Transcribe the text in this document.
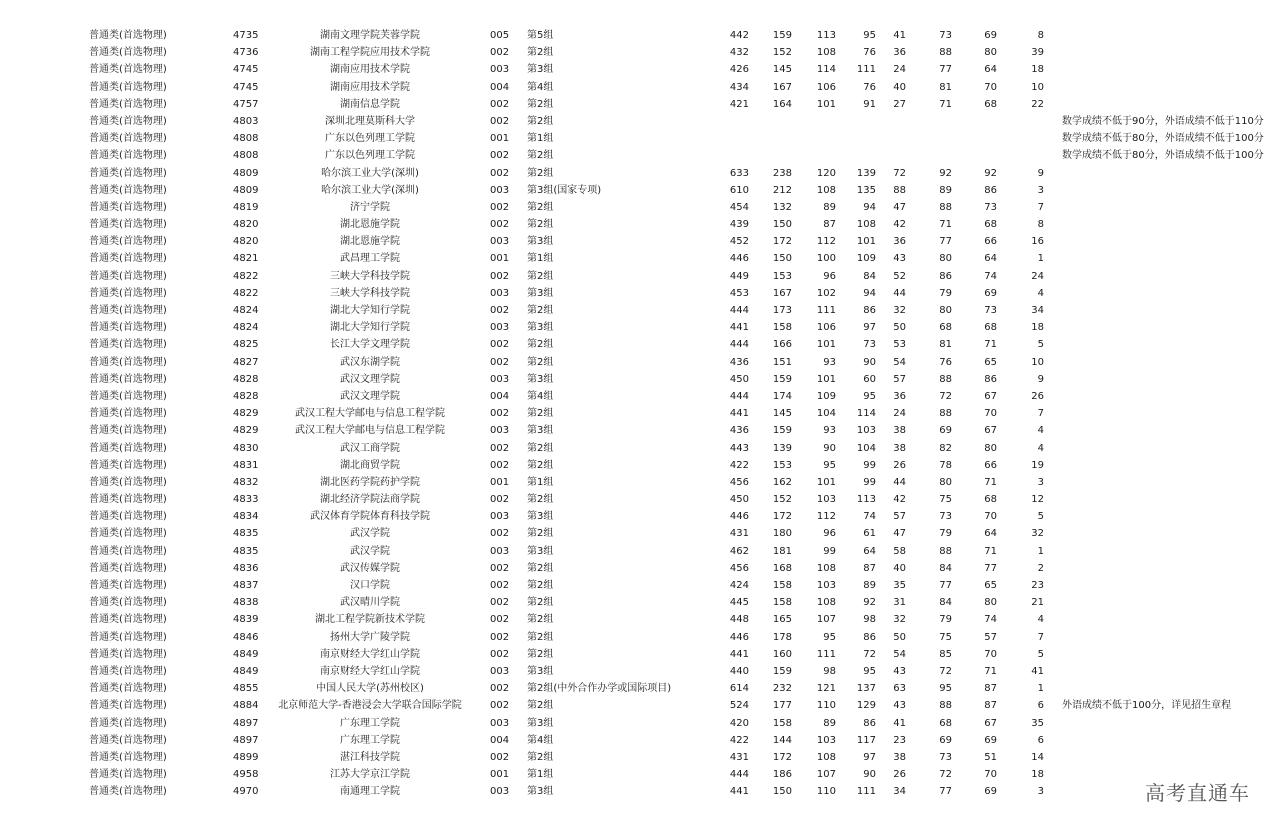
普通类(首选物理)	4735	湖南文理学院芙蓉学院	005 第5组	442	159	113	95	41	73	69	8
普通类(首选物理)	4736	湖南工程学院应用技术学院	002 第2组	432	152	108	76	36	88	80	39
普通类(首选物理)	4745	湖南应用技术学院	003 第3组	426	145	114	111	24	77	64	18
普通类(首选物理)	4745	湖南应用技术学院	004 第4组	434	167	106	76	40	81	70	10
普通类(首选物理)	4757	湖南信息学院	002 第2组	421	164	101	91	27	71	68	22
普通类(首选物理)	4803	深圳北理莫斯科大学	002 第2组	数学成绩不低于90分，外语成绩不低于110分
普通类(首选物理)	4808	广东以色列理工学院	001 第1组	数学成绩不低于80分，外语成绩不低于100分
普通类(首选物理)	4808	广东以色列理工学院	002 第2组	数学成绩不低于80分，外语成绩不低于100分
普通类(首选物理)	4809	哈尔滨工业大学(深圳)	002 第2组	633	238	120	139	72	92	92	9
普通类(首选物理)	4809	哈尔滨工业大学(深圳)	003 第3组(国家专项)	610	212	108	135	88	89	86	3
普通类(首选物理)	4819	济宁学院	002 第2组	454	132	89	94	47	88	73	7
普通类(首选物理)	4820	湖北恩施学院	002 第2组	439	150	87	108	42	71	68	8
普通类(首选物理)	4820	湖北恩施学院	003 第3组	452	172	112	101	36	77	66	16
普通类(首选物理)	4821	武昌理工学院	001 第1组	446	150	100	109	43	80	64	1
普通类(首选物理)	4822	三峡大学科技学院	002 第2组	449	153	96	84	52	86	74	24
普通类(首选物理)	4822	三峡大学科技学院	003 第3组	453	167	102	94	44	79	69	4
普通类(首选物理)	4824	湖北大学知行学院	002 第2组	444	173	111	86	32	80	73	34
普通类(首选物理)	4824	湖北大学知行学院	003 第3组	441	158	106	97	50	68	68	18
普通类(首选物理)	4825	长江大学文理学院	002 第2组	444	166	101	73	53	81	71	5
普通类(首选物理)	4827	武汉东湖学院	002 第2组	436	151	93	90	54	76	65	10
普通类(首选物理)	4828	武汉文理学院	003 第3组	450	159	101	60	57	88	86	9
普通类(首选物理)	4828	武汉文理学院	004 第4组	444	174	109	95	36	72	67	26
普通类(首选物理)	4829	武汉工程大学邮电与信息工程学院	002 第2组	441	145	104	114	24	88	70	7
普通类(首选物理)	4829	武汉工程大学邮电与信息工程学院	003 第3组	436	159	93	103	38	69	67	4
普通类(首选物理)	4830	武汉工商学院	002 第2组	443	139	90	104	38	82	80	4
普通类(首选物理)	4831	湖北商贸学院	002 第2组	422	153	95	99	26	78	66	19
普通类(首选物理)	4832	湖北医药学院药护学院	001 第1组	456	162	101	99	44	80	71	3
普通类(首选物理)	4833	湖北经济学院法商学院	002 第2组	450	152	103	113	42	75	68	12
普通类(首选物理)	4834	武汉体育学院体育科技学院	003 第3组	446	172	112	74	57	73	70	5
普通类(首选物理)	4835	武汉学院	002 第2组	431	180	96	61	47	79	64	32
普通类(首选物理)	4835	武汉学院	003 第3组	462	181	99	64	58	88	71	1
普通类(首选物理)	4836	武汉传媒学院	002 第2组	456	168	108	87	40	84	77	2
普通类(首选物理)	4837	汉口学院	002 第2组	424	158	103	89	35	77	65	23
普通类(首选物理)	4838	武汉晴川学院	002 第2组	445	158	108	92	31	84	80	21
普通类(首选物理)	4839	湖北工程学院新技术学院	002 第2组	448	165	107	98	32	79	74	4
普通类(首选物理)	4846	扬州大学广陵学院	002 第2组	446	178	95	86	50	75	57	7
普通类(首选物理)	4849	南京财经大学红山学院	002 第2组	441	160	111	72	54	85	70	5
普通类(首选物理)	4849	南京财经大学红山学院	003 第3组	440	159	98	95	43	72	71	41
普通类(首选物理)	4855	中国人民大学(苏州校区)	002 第2组(中外合作办学或国际项目)	614	232	121	137	63	95	87	1
普通类(首选物理)	4884	北京师范大学-香港浸会大学联合国际学院	002 第2组	524	177	110	129	43	88	87	6 外语成绩不低于100分，详见招生章程
普通类(首选物理)	4897	广东理工学院	003 第3组	420	158	89	86	41	68	67	35
普通类(首选物理)	4897	广东理工学院	004 第4组	422	144	103	117	23	69	69	6
普通类(首选物理)	4899	湛江科技学院	002 第2组	431	172	108	97	38	73	51	14
普通类(首选物理)	4958	江苏大学京江学院	001 第1组	444	186	107	90	26	72	70	18
普通类(首选物理)	4970	南通理工学院	003 第3组	441	150	110	111	34	77	69	3	高考直通车
